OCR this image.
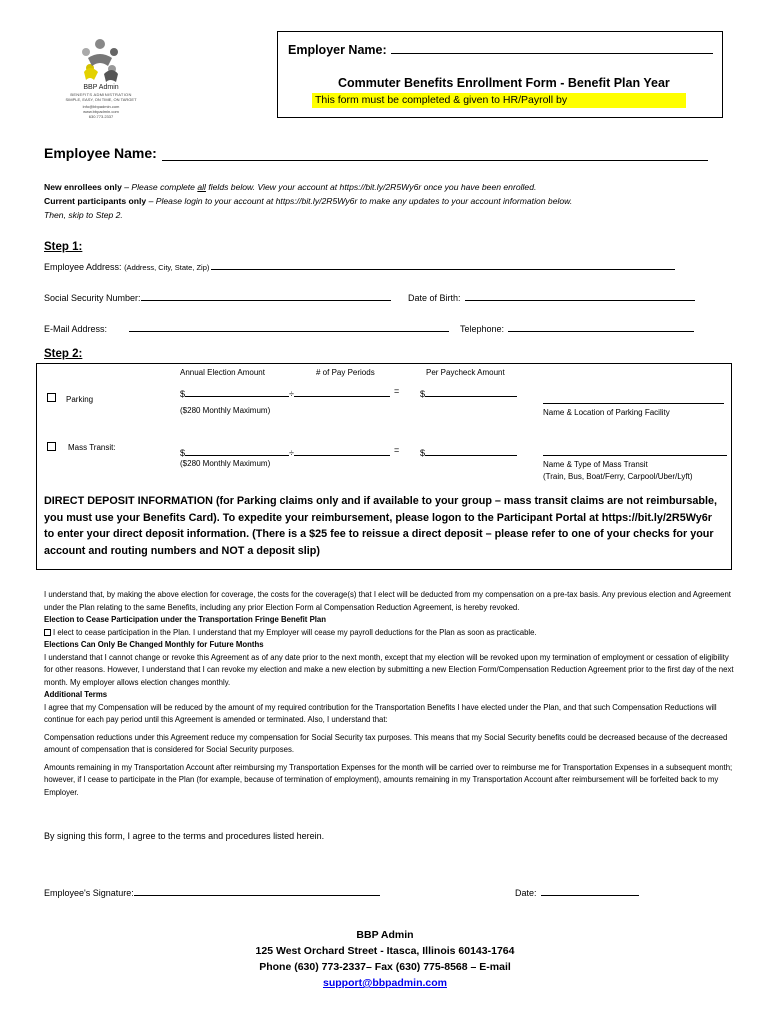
BBP Admin
BENEFITS ADMINISTRATION
SIMPLE, EASY, ON TIME, ON TARGET
info@bbpadmin.com
www.bbpadmin.com
630.773.2337
Employer Name:
Commuter Benefits Enrollment Form - Benefit Plan Year
This form must be completed & given to HR/Payroll by
Employee Name:
New enrollees only – Please complete all fields below. View your account at https://bit.ly/2R5Wy6r once you have been enrolled.
Current participants only – Please login to your account at https://bit.ly/2R5Wy6r to make any updates to your account information below.
Then, skip to Step 2.
Step 1:
Employee Address: (Address, City, State, Zip)
Social Security Number:	Date of Birth:
E-Mail Address:	Telephone:
Step 2:
Annual Election Amount	# of Pay Periods	Per Paycheck Amount
Parking
$	÷	= $
($280 Monthly Maximum)	Name & Location of Parking Facility
Mass Transit:
$	÷	= $
($280 Monthly Maximum)	Name & Type of Mass Transit
(Train, Bus, Boat/Ferry, Carpool/Uber/Lyft)
DIRECT DEPOSIT INFORMATION (for Parking claims only and if available to your group – mass transit claims are not reimbursable, you must use your Benefits Card). To expedite your reimbursement, please logon to the Participant Portal at https://bit.ly/2R5Wy6r to enter your direct deposit information. (There is a $25 fee to reissue a direct deposit – please refer to one of your checks for your account and routing numbers and NOT a deposit slip)
I understand that, by making the above election for coverage, the costs for the coverage(s) that I elect will be deducted from my compensation on a pre-tax basis. Any previous election and Agreement under the Plan relating to the same Benefits, including any prior Election Form al Compensation Reduction Agreement, is hereby revoked.
Election to Cease Participation under the Transportation Fringe Benefit Plan
I elect to cease participation in the Plan. I understand that my Employer will cease my payroll deductions for the Plan as soon as practicable.
Elections Can Only Be Changed Monthly for Future Months
I understand that I cannot change or revoke this Agreement as of any date prior to the next month, except that my election will be revoked upon my termination of employment or cessation of eligibility for other reasons. However, I understand that I can revoke my election and make a new election by submitting a new Election Form/Compensation Reduction Agreement prior to the first day of the next month. My employer allows election changes monthly.
Additional Terms
I agree that my Compensation will be reduced by the amount of my required contribution for the Transportation Benefits I have elected under the Plan, and that such Compensation Reductions will continue for each pay period until this Agreement is amended or terminated. Also, I understand that:
Compensation reductions under this Agreement reduce my compensation for Social Security tax purposes. This means that my Social Security benefits could be decreased because of the decreased amount of compensation that is considered for Social Security purposes.
Amounts remaining in my Transportation Account after reimbursing my Transportation Expenses for the month will be carried over to reimburse me for Transportation Expenses in a subsequent month; however, if I cease to participate in the Plan (for example, because of termination of employment), amounts remaining in my Transportation Account after reimbursement will be forfeited back to my Employer.
By signing this form, I agree to the terms and procedures listed herein.
Employee's Signature:	Date:
BBP Admin
125 West Orchard Street - Itasca, Illinois 60143-1764
Phone (630) 773-2337– Fax (630) 775-8568 – E-mail
support@bbpadmin.com
